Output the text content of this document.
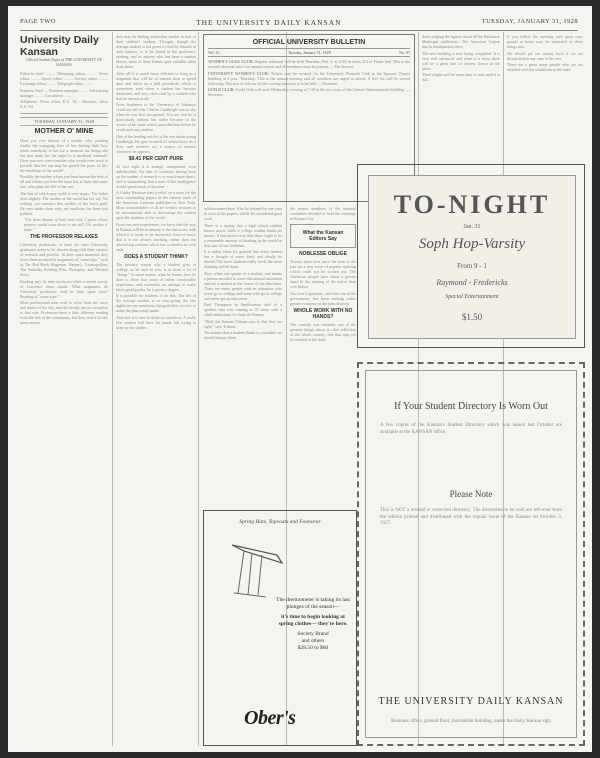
PAGE TWO	THE UNIVERSITY DAILY KANSAN	TUESDAY, JANUARY 31, 1928
University Daily Kansan
Official Student Paper of THE UNIVERSITY OF KANSAS

Editor-in-chief ......... Managing editor ......... News editor ......... Sports editor ......... Society editor ......... Exchange editor ......... Telegraph editor .........

Business Staff — Business manager ......... Advertising manager ......... Circulation .........

Telephone: News office K.U. 66 · Business office K.U. 64

TUESDAY, JANUARY 31, 1928
MOTHER O' MINE

Have you ever known of a mother who, pushing fondly the cramping love of her darling little boy, sends somebody to her for a moment the things she has that make her the angel to a hardened criminal? Have you ever seen a mother who would even work to provide that her son may be spared the pains of life, the hardships of the world?

Possibly the mother whom you have known the best of all and whom you love the most has at heart this same one, who plans the life of her son.

The last of which may yield to very many. The father does slightly. The mother of the world has her say. Yet nothing can convince this mother of her boy's guilt. He sees under close only yet swallows for them just pathetic.

"I've been dreamt of bold and cold, I guess whose prayers would come down to me still, Oh, mother o' mine."

THE PROFESSOR RELAXES

University professors, at least the ones University graduates, seem to be chosen along with their choices of research and practice. In their spare moments they leave them in research magazines of "some type," such as The Red Book Magazine, Harper's, Cosmopolitan, The Saturday Evening Post, Photoplay, and Western Story.

Reading isn't its time exclusive when a recent survey of Lawrence news stands. What magazines do University professors read in their spare time? Reading of "some type."

Most professional men read to relax from the cares and duties of the day, and the faculty are no exception to that rule. Professors have a little different reading from the rest of the community, but they read it for the same reason.

they may be finding somewhat similar to that of their student's reading. Thought, though the average student is not given to read by himself in such matters, is to be found in the professor's seeking, and as anyone who has been a student knows, most of their friends gain valuable ideas from them.

After all it is much more efficient to keep in a magazine that will be of interest than to spend time and effort on a dull periodical, which is sometimes read when a student has become interested, and very often read by a student who had no interest at all.

From freshmen to the University of Arkansas could not tell why Charles Lindbergh was so shy when he was first recognized. It is not that he is particularly unkind, but rather because of the stories of his fame which preceded him before he could meet any student.

One of the leading articles is the one about young Lindbergh. He gets scorned of school boys as a hero, and teachers are a source of interest whenever he appears.

$9.41 PER CENT PURE

At first sight it is strange, unexpected, even unbelievable. An idea of scientists having been on the student of research is so much more direct, and so astonishing that a man of his intelligence would spend much of his time.

A Cubby Harrison tries a relief on a story for the most outstanding papers in the current issue of the American Lutheran published in New York. Most commendable of all are weekly features to be uncommonly able to discourage the content upon the students of the world.

From our own experiences, we know that the way in Kansas will be in interest to the instructor, with which it is ready to be instructed. And we know that it is not always teaching, rather than our advertising ventures which has worked to its own ends.

DOES A STUDENT THINK?

The primary reason why a student goes to college, as he says to you, is to learn a lot of "things." A smart matter, what he learns, how he does it. After four years of rather comfortable experience, and extremely an attempt to make fairly good grades, he is given a degree.

It is possible for students to do this. The life of the average student is so easy-going, the late nights are too numerous, the good days too few to make the plan easily made.

And now it is time to think for ourselves. A really fine student will have his hands full trying to keep up his studies.

OFFICIAL UNIVERSITY BULLETIN
Vol. 25	Tuesday, January 31, 1928	No. 97

WOMEN'S GLEE CLUB: Regular rehearsal will be held Thursday, Feb. 2, at 4:30, in room 214 of Fraser hall. This is the second rehearsal since our annual concert and all members must be present. —The director.

UNIVERSITY WOMEN'S CLUB: Tickets may be secured for the University Women's Club at the Spooner Thayer building at 2 p.m. Thursday. This is the annual meeting and all members are urged to attend. A free tea will be served following. Election of officers for the coming semester is to be held. —President.

GUILD CLUB: Guild Club will meet Wednesday evening at 7:30 in the rest room of the Central Administration building. —Secretary.

seldom somewhere. Also he learned for one year in each of his papers, which he considered good work.

There is a saying that a high school student knows much, while a college student thinks he knows. If this proves true then there ought to be a reasonable amount of thinking in the world in that case of our freshman.

It is rather taken for granted that every student has a thought of some kind, and ideally he should. The more students really work, the more thinking will be done.

Now, when one speaks of a student, one means a person enrolled in some educational institution and not a student in the course of his education. There are many people with an education who never go to college and some who go to college and never get an education.

Paul Thompson in Smithsonian said of a speaker who was running at 35 times with a rabid enthusiasm for fond old Kansas.

"Well, the Kansan Tribune says it, that they are right," says Tribune.

We assume that a student thinks is a mistake; we should always think.

the reason members of the national committee decided to hold the meetings in Kansas City.

What the Kansan Editors Say
NOBLESSE OBLIGE

Twenty years ever since the man of the past set a new wave of popular uprising which could not be written out. The American people have taken a greater share in the running of the nation than ever before.

Our own Legislature, after the ruin of the government, has been seeking rather greater economy in the farm districts.

WHOLE WORK WITH NO HANDS?

The comedy was certainly one of the greatest things about it—that reflection of the whole country, one that may yet be reached in the dark.

those judging the figures about all the Baltimore Municipal auditorium. The American Legion has its headquarters there.

The new building is now being completed. It is very well advanced, and when it is done, there will be a great deal of interest shown in the place.

There might well be some time to wait until it is full.

If you follow the meeting with great care, people at home may be interested in these things also.

We should get our money back if we are dissatisfied in any case of the sort.

There are a great many people who are not satisfied with the conditions in the state.

TO-NIGHT
Jan. 31
Soph Hop-Varsity
From 9 - 1
Raymond - Fredericks
Special Entertainment
$1.50
Spring Hats, Topcoats and Footwear
The thermometer is taking its last plunges of the season—
it's time to begin looking at spring clothes— they're here.
Society Brand
and others
$28.50 to $60
Ober's
If Your Student Directory Is Worn Out
A few copies of the Kansan's Student Directory which was issued last October are available at the KANSAN office.
Please Note
This is NOT a revised or corrected directory. The directories to be sold are left-over from the edition printed and distributed with the regular issue of the Kansan on October 3, 1927.
THE UNIVERSITY DAILY KANSAN
Business office, ground floor, Journalism building, under the Daily Kansan sign
